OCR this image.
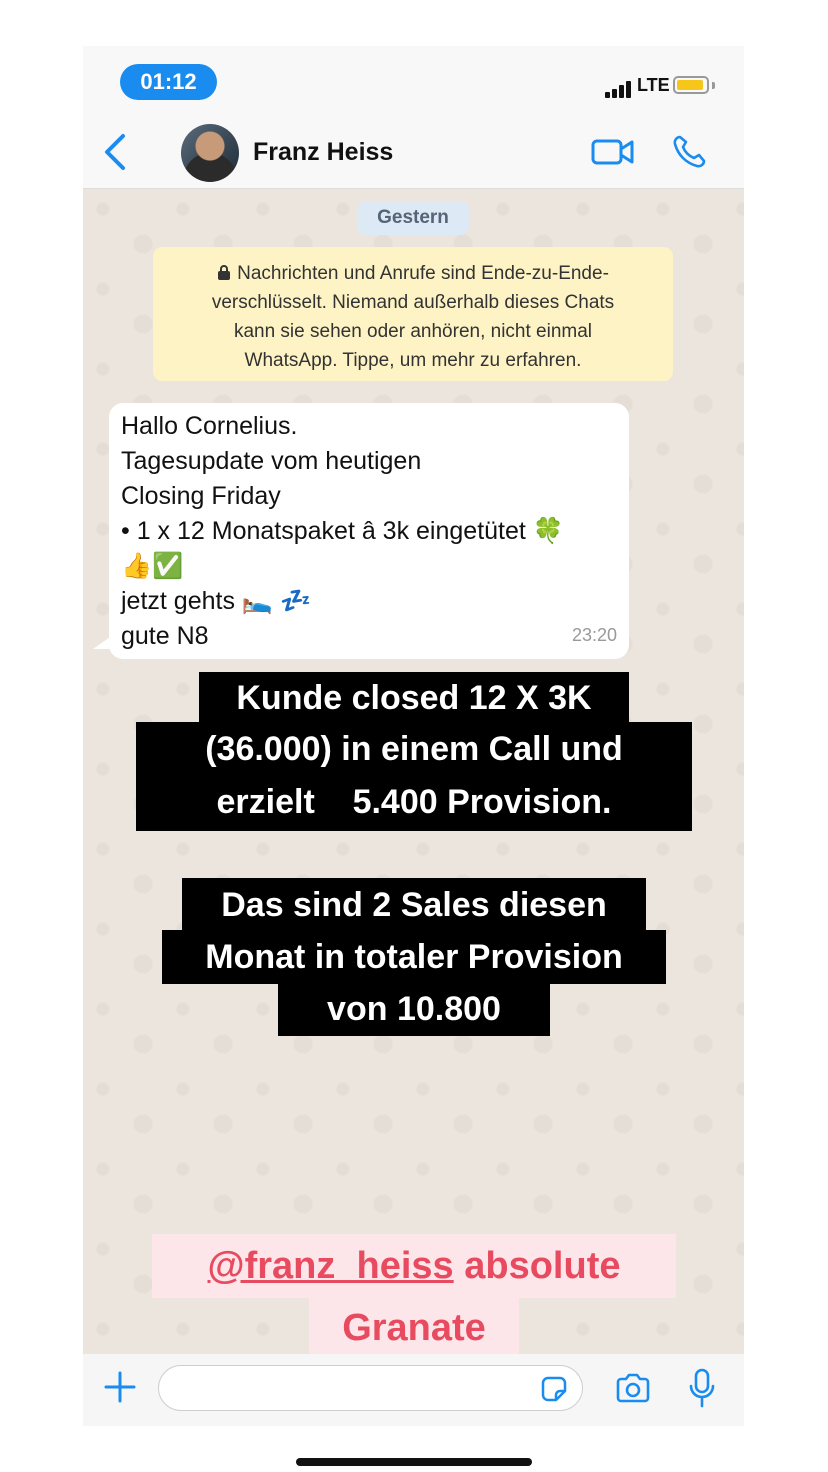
01:12	LTE
Franz Heiss
Gestern
Nachrichten und Anrufe sind Ende-zu-Ende-
verschlüsselt. Niemand außerhalb dieses Chats
kann sie sehen oder anhören, nicht einmal
WhatsApp. Tippe, um mehr zu erfahren.
Hallo Cornelius.
Tagesupdate vom heutigen
Closing Friday
• 1 x 12 Monatspaket â 3k eingetütet 🍀
👍✅
jetzt gehts 🛌 💤
gute N8	23:20
Kunde closed 12 X 3K
(36.000) in einem Call und
erzielt    5.400 Provision.
Das sind 2 Sales diesen
Monat in totaler Provision
von 10.800
@franz_heiss absolute
Granate
